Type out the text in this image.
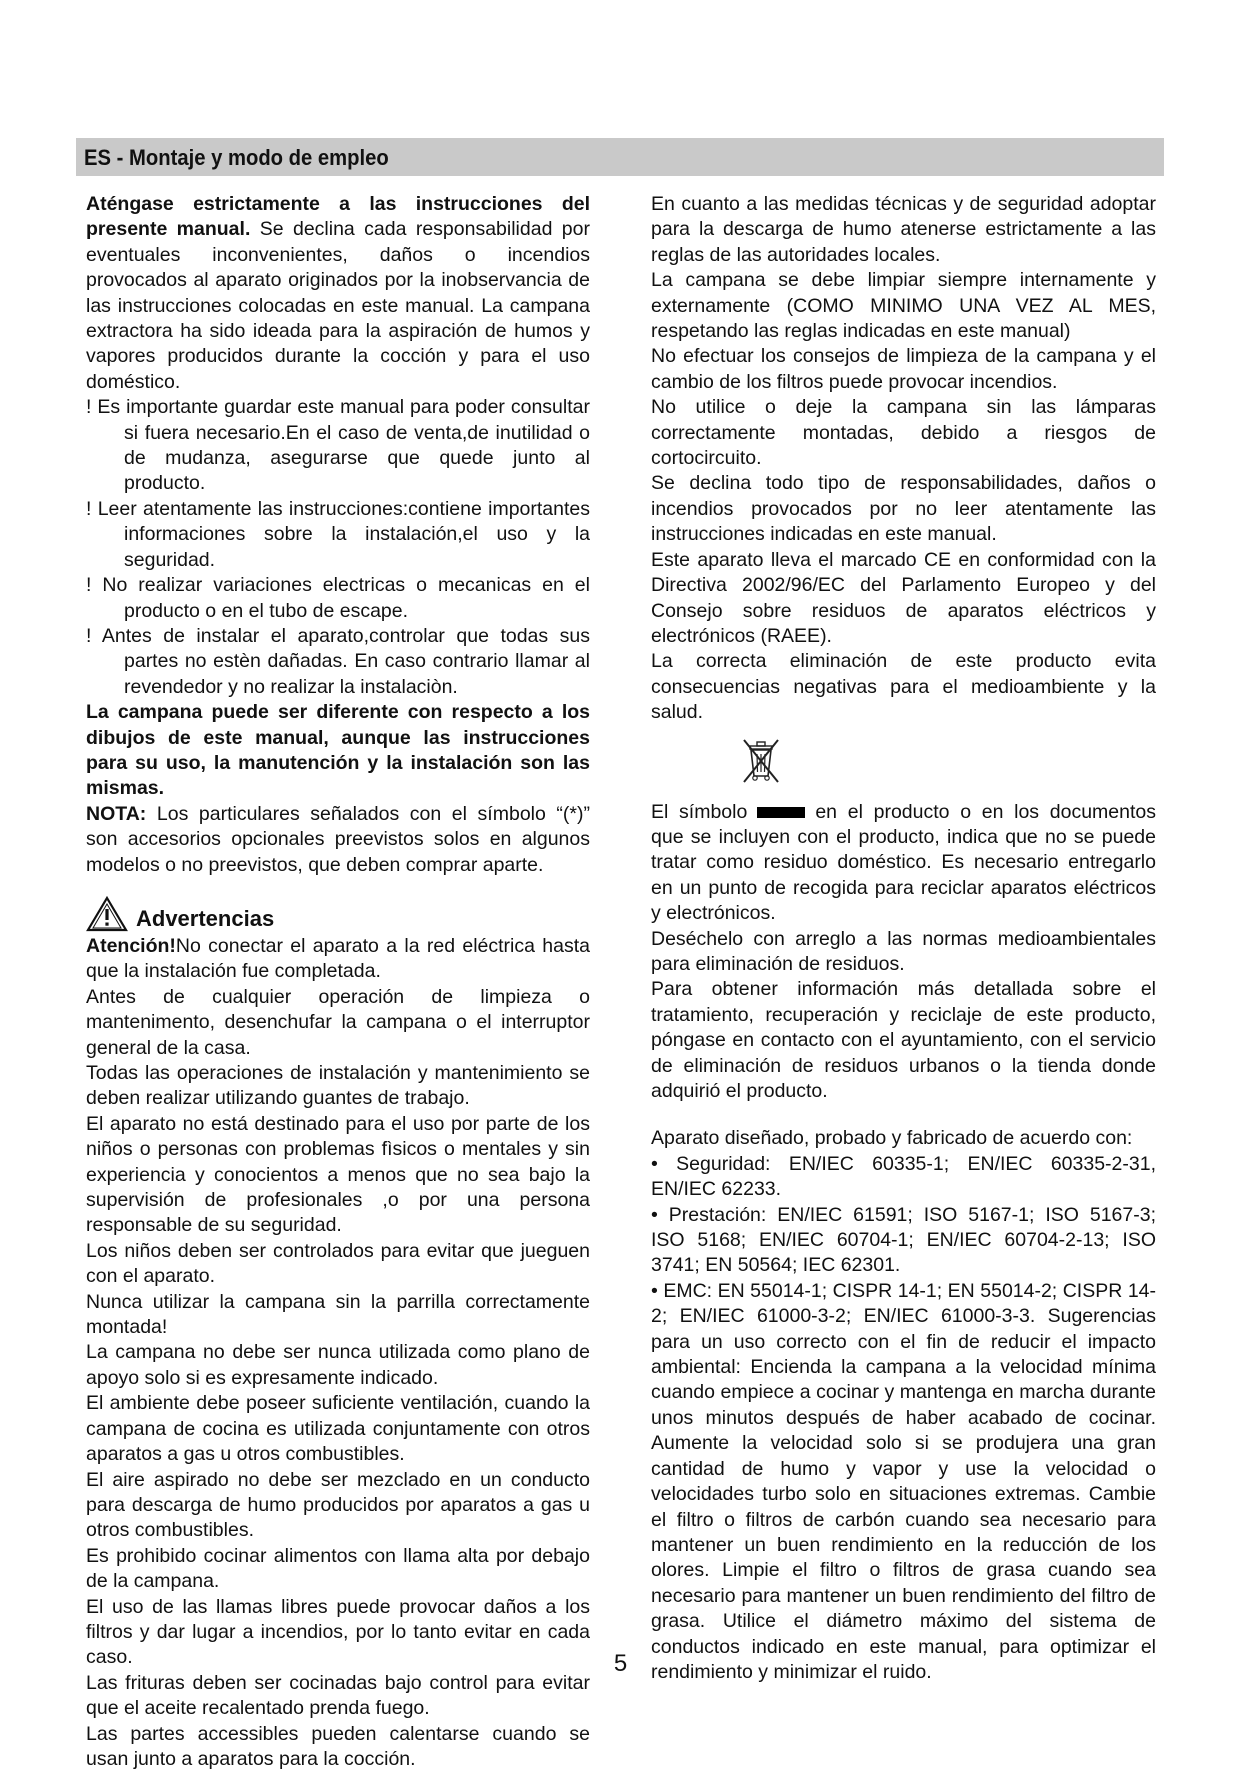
ES - Montaje y modo de empleo

Aténgase estrictamente a las instrucciones del presente manual. Se declina cada responsabilidad por eventuales inconvenientes, daños o incendios provocados al aparato originados por la inobservancia de las instrucciones colocadas en este manual. La campana extractora ha sido ideada para la aspiración de humos y vapores producidos durante la cocción y para el uso doméstico.

! Es importante guardar este manual para poder consultar si fuera necesario.En el caso de venta,de inutilidad o de mudanza, asegurarse que quede junto al producto.

! Leer atentamente las instrucciones:contiene importantes informaciones sobre la instalación,el uso y la seguridad.

! No realizar variaciones electricas o mecanicas en el producto o en el tubo de escape.

! Antes de instalar el aparato,controlar que todas sus partes no estèn dañadas. En caso contrario llamar al revendedor y no realizar la instalaciòn.

La campana puede ser diferente con respecto a los dibujos de este manual, aunque las instrucciones para su uso, la manutención y la instalación son las mismas.

NOTA: Los particulares señalados con el símbolo “(*)” son accesorios opcionales preevistos solos en algunos modelos o no preevistos, que deben comprar aparte.

Advertencias

Atención!No conectar el aparato a la red eléctrica hasta que la instalación fue completada.

Antes de cualquier operación de limpieza o mantenimento, desenchufar la campana o el interruptor general de la casa.

Todas las operaciones de instalación y mantenimiento se deben realizar utilizando guantes de trabajo.

El aparato no está destinado para el uso por parte de los niños o personas con problemas fìsicos o mentales y sin experiencia y conocientos a menos que no sea bajo la supervisión de profesionales ,o por una persona responsable de su seguridad.

Los niños deben ser controlados para evitar que jueguen con el aparato.

Nunca utilizar la campana sin la parrilla correctamente montada!

La campana no debe ser nunca utilizada como plano de apoyo solo si es expresamente indicado.

El ambiente debe poseer suficiente ventilación, cuando la campana de cocina es utilizada conjuntamente con otros aparatos a gas u otros combustibles.

El aire aspirado no debe ser mezclado en un conducto para descarga de humo producidos por aparatos a gas u otros combustibles.

Es prohibido cocinar alimentos con llama alta por debajo de la campana.

El uso de las llamas libres puede provocar daños a los filtros y dar lugar a incendios, por lo tanto evitar en cada caso.

Las frituras deben ser cocinadas bajo control para evitar que el aceite recalentado prenda fuego.

Las partes accessibles pueden calentarse cuando se usan junto a aparatos para la cocción.

En cuanto a las medidas técnicas y de seguridad adoptar para la descarga de humo atenerse estrictamente a las reglas de las autoridades locales.

La campana se debe limpiar siempre internamente y externamente (COMO MINIMO UNA VEZ AL MES, respetando las reglas indicadas en este manual)

No efectuar los consejos de limpieza de la campana y el cambio de los filtros puede provocar incendios.

No utilice o deje la campana sin las lámparas correctamente montadas, debido a riesgos de cortocircuito.

Se declina todo tipo de responsabilidades, daños o incendios provocados por no leer atentamente las instrucciones indicadas en este manual.

Este aparato lleva el marcado CE en conformidad con la Directiva 2002/96/EC del Parlamento Europeo y del Consejo sobre residuos de aparatos eléctricos y electrónicos (RAEE).

La correcta eliminación de este producto evita consecuencias negativas para el medioambiente y la salud.

El símbolo	en el producto o en los documentos que se incluyen con el producto, indica que no se puede tratar como residuo doméstico. Es necesario entregarlo en un punto de recogida para reciclar aparatos eléctricos y electrónicos.

Deséchelo con arreglo a las normas medioambientales para eliminación de residuos.

Para obtener información más detallada sobre el tratamiento, recuperación y reciclaje de este producto, póngase en contacto con el ayuntamiento, con el servicio de eliminación de residuos urbanos o la tienda donde adquirió el producto.

Aparato diseñado, probado y fabricado de acuerdo con:

• Seguridad: EN/IEC 60335-1; EN/IEC 60335-2-31, EN/IEC 62233.

• Prestación: EN/IEC 61591; ISO 5167-1; ISO 5167-3; ISO 5168; EN/IEC 60704-1; EN/IEC 60704-2-13; ISO 3741; EN 50564; IEC 62301.

• EMC: EN 55014-1; CISPR 14-1; EN 55014-2; CISPR 14-2; EN/IEC 61000-3-2; EN/IEC 61000-3-3. Sugerencias para un uso correcto con el fin de reducir el impacto ambiental: Encienda la campana a la velocidad mínima cuando empiece a cocinar y mantenga en marcha durante unos minutos después de haber acabado de cocinar. Aumente la velocidad solo si se produjera una gran cantidad de humo y vapor y use la velocidad o velocidades turbo solo en situaciones extremas. Cambie el filtro o filtros de carbón cuando sea necesario para mantener un buen rendimiento en la reducción de los olores. Limpie el filtro o filtros de grasa cuando sea necesario para mantener un buen rendimiento del filtro de grasa. Utilice el diámetro máximo del sistema de conductos indicado en este manual, para optimizar el rendimiento y minimizar el ruido.

5
